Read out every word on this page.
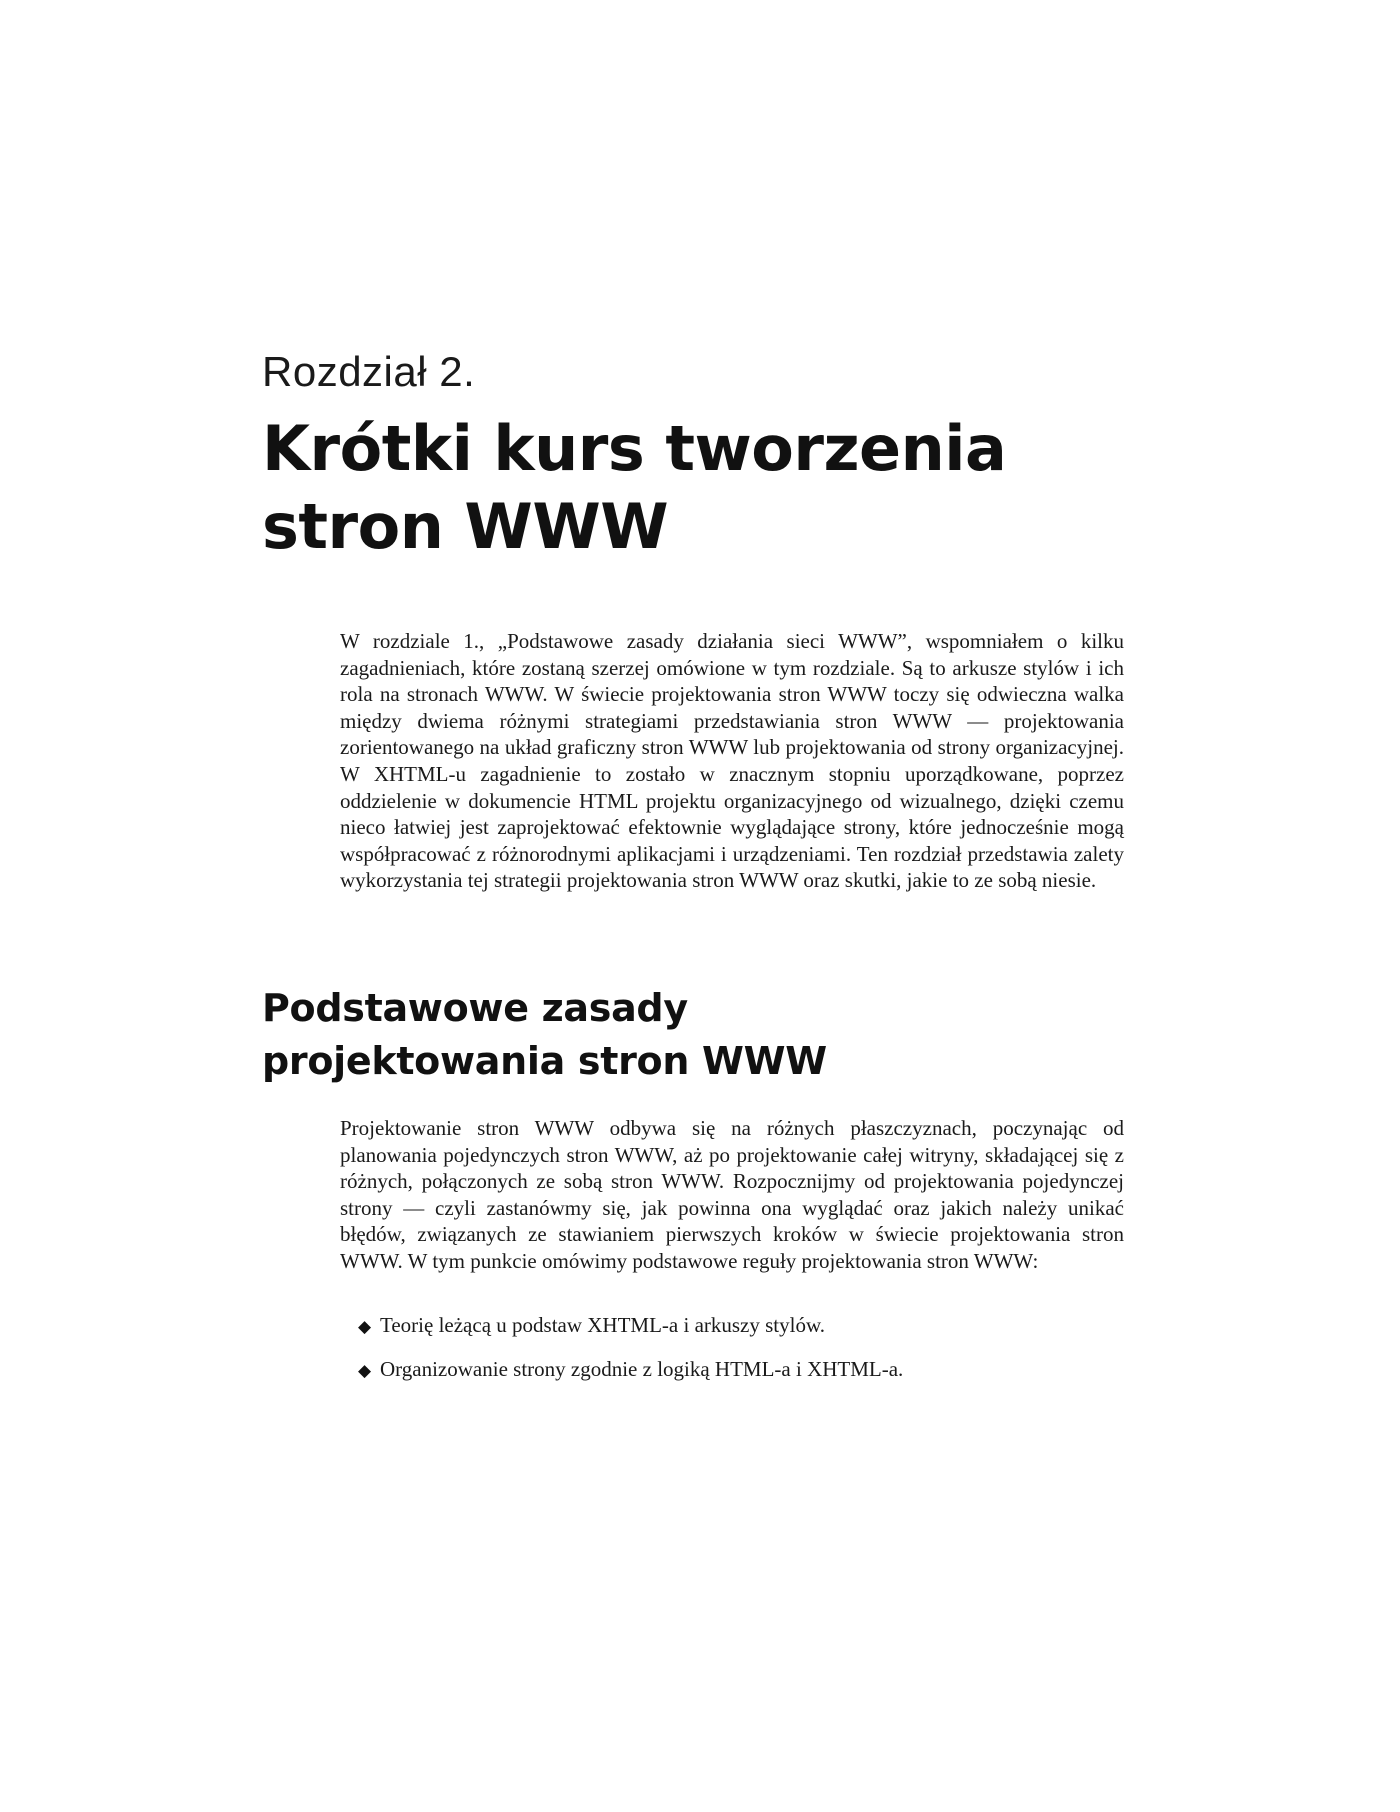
Rozdział 2.

Krótki kurs tworzenia
stron WWW

W rozdziale 1., „Podstawowe zasady działania sieci WWW”, wspomniałem o kilku zagadnieniach, które zostaną szerzej omówione w tym rozdziale. Są to arkusze stylów i ich rola na stronach WWW. W świecie projektowania stron WWW toczy się odwieczna walka między dwiema różnymi strategiami przedstawiania stron WWW — projektowania zorientowanego na układ graficzny stron WWW lub projektowania od strony organizacyjnej. W XHTML-u zagadnienie to zostało w znacznym stopniu uporządkowane, poprzez oddzielenie w dokumencie HTML projektu organizacyjnego od wizualnego, dzięki czemu nieco łatwiej jest zaprojektować efektownie wyglądające strony, które jednocześnie mogą współpracować z różnorodnymi aplikacjami i urządzeniami. Ten rozdział przedstawia zalety wykorzystania tej strategii projektowania stron WWW oraz skutki, jakie to ze sobą niesie.

Podstawowe zasady
projektowania stron WWW

Projektowanie stron WWW odbywa się na różnych płaszczyznach, poczynając od planowania pojedynczych stron WWW, aż po projektowanie całej witryny, składającej się z różnych, połączonych ze sobą stron WWW. Rozpocznijmy od projektowania pojedynczej strony — czyli zastanówmy się, jak powinna ona wyglądać oraz jakich należy unikać błędów, związanych ze stawianiem pierwszych kroków w świecie projektowania stron WWW. W tym punkcie omówimy podstawowe reguły projektowania stron WWW:

◆ Teorię leżącą u podstaw XHTML-a i arkuszy stylów.
◆ Organizowanie strony zgodnie z logiką HTML-a i XHTML-a.
